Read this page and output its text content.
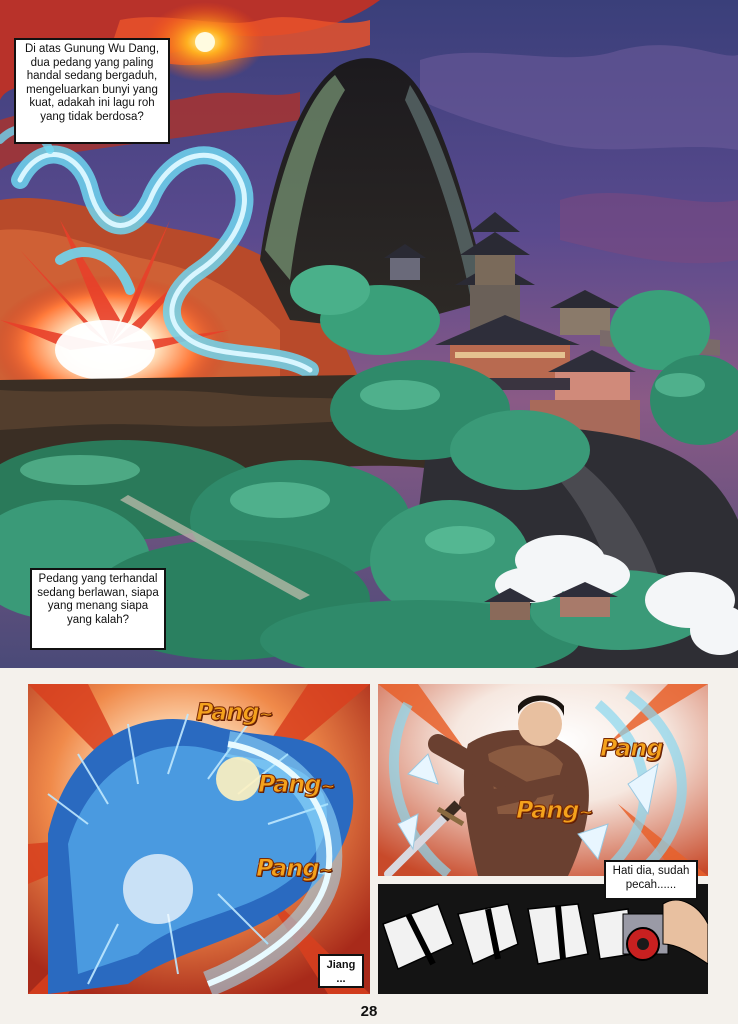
Di atas Gunung Wu Dang, dua pedang yang paling handal sedang bergaduh, mengeluarkan bunyi yang kuat, adakah ini lagu roh yang tidak berdosa?
Pedang yang terhandal sedang berlawan, siapa yang menang siapa yang kalah?
Pang~
Pang~
Pang~
Jiang ...
Pang
Pang~
Hati dia, sudah pecah......
28
